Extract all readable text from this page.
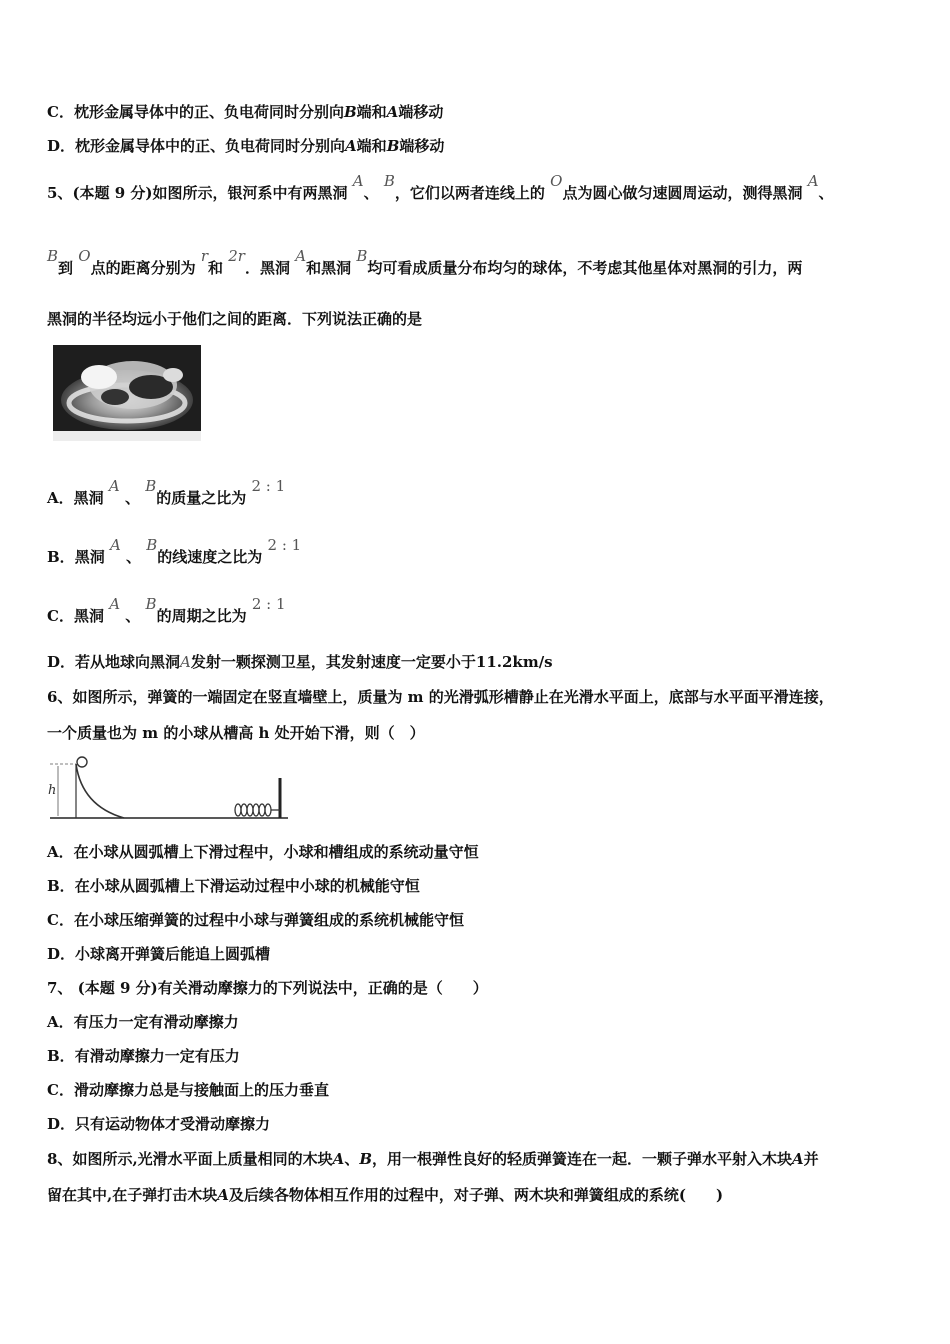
C．枕形金属导体中的正、负电荷同时分别向B端和A端移动
D．枕形金属导体中的正、负电荷同时分别向A端和B端移动
5、(本题 9 分)如图所示，银河系中有两黑洞 A、 B，它们以两者连线上的 O点为圆心做匀速圆周运动，测得黑洞 A、
B到 O点的距离分别为 r和 2r．黑洞 A和黑洞 B均可看成质量分布均匀的球体，不考虑其他星体对黑洞的引力，两
黑洞的半径均远小于他们之间的距离．下列说法正确的是
A．黑洞 A 、 B的质量之比为 2 : 1
B．黑洞 A 、 B的线速度之比为 2 : 1
C．黑洞 A 、 B的周期之比为 2 : 1
D．若从地球向黑洞A发射一颗探测卫星，其发射速度一定要小于11.2km/s
6、如图所示，弹簧的一端固定在竖直墙壁上，质量为 m 的光滑弧形槽静止在光滑水平面上，底部与水平面平滑连接，
一个质量也为 m 的小球从槽高 h 处开始下滑，则（　）
h
A．在小球从圆弧槽上下滑过程中，小球和槽组成的系统动量守恒
B．在小球从圆弧槽上下滑运动过程中小球的机械能守恒
C．在小球压缩弹簧的过程中小球与弹簧组成的系统机械能守恒
D．小球离开弹簧后能追上圆弧槽
7、 (本题 9 分)有关滑动摩擦力的下列说法中，正确的是（　　）
A．有压力一定有滑动摩擦力
B．有滑动摩擦力一定有压力
C．滑动摩擦力总是与接触面上的压力垂直
D．只有运动物体才受滑动摩擦力
8、如图所示,光滑水平面上质量相同的木块A、B，用一根弹性良好的轻质弹簧连在一起．一颗子弹水平射入木块A并
留在其中,在子弹打击木块A及后续各物体相互作用的过程中，对子弹、两木块和弹簧组成的系统(　　)
